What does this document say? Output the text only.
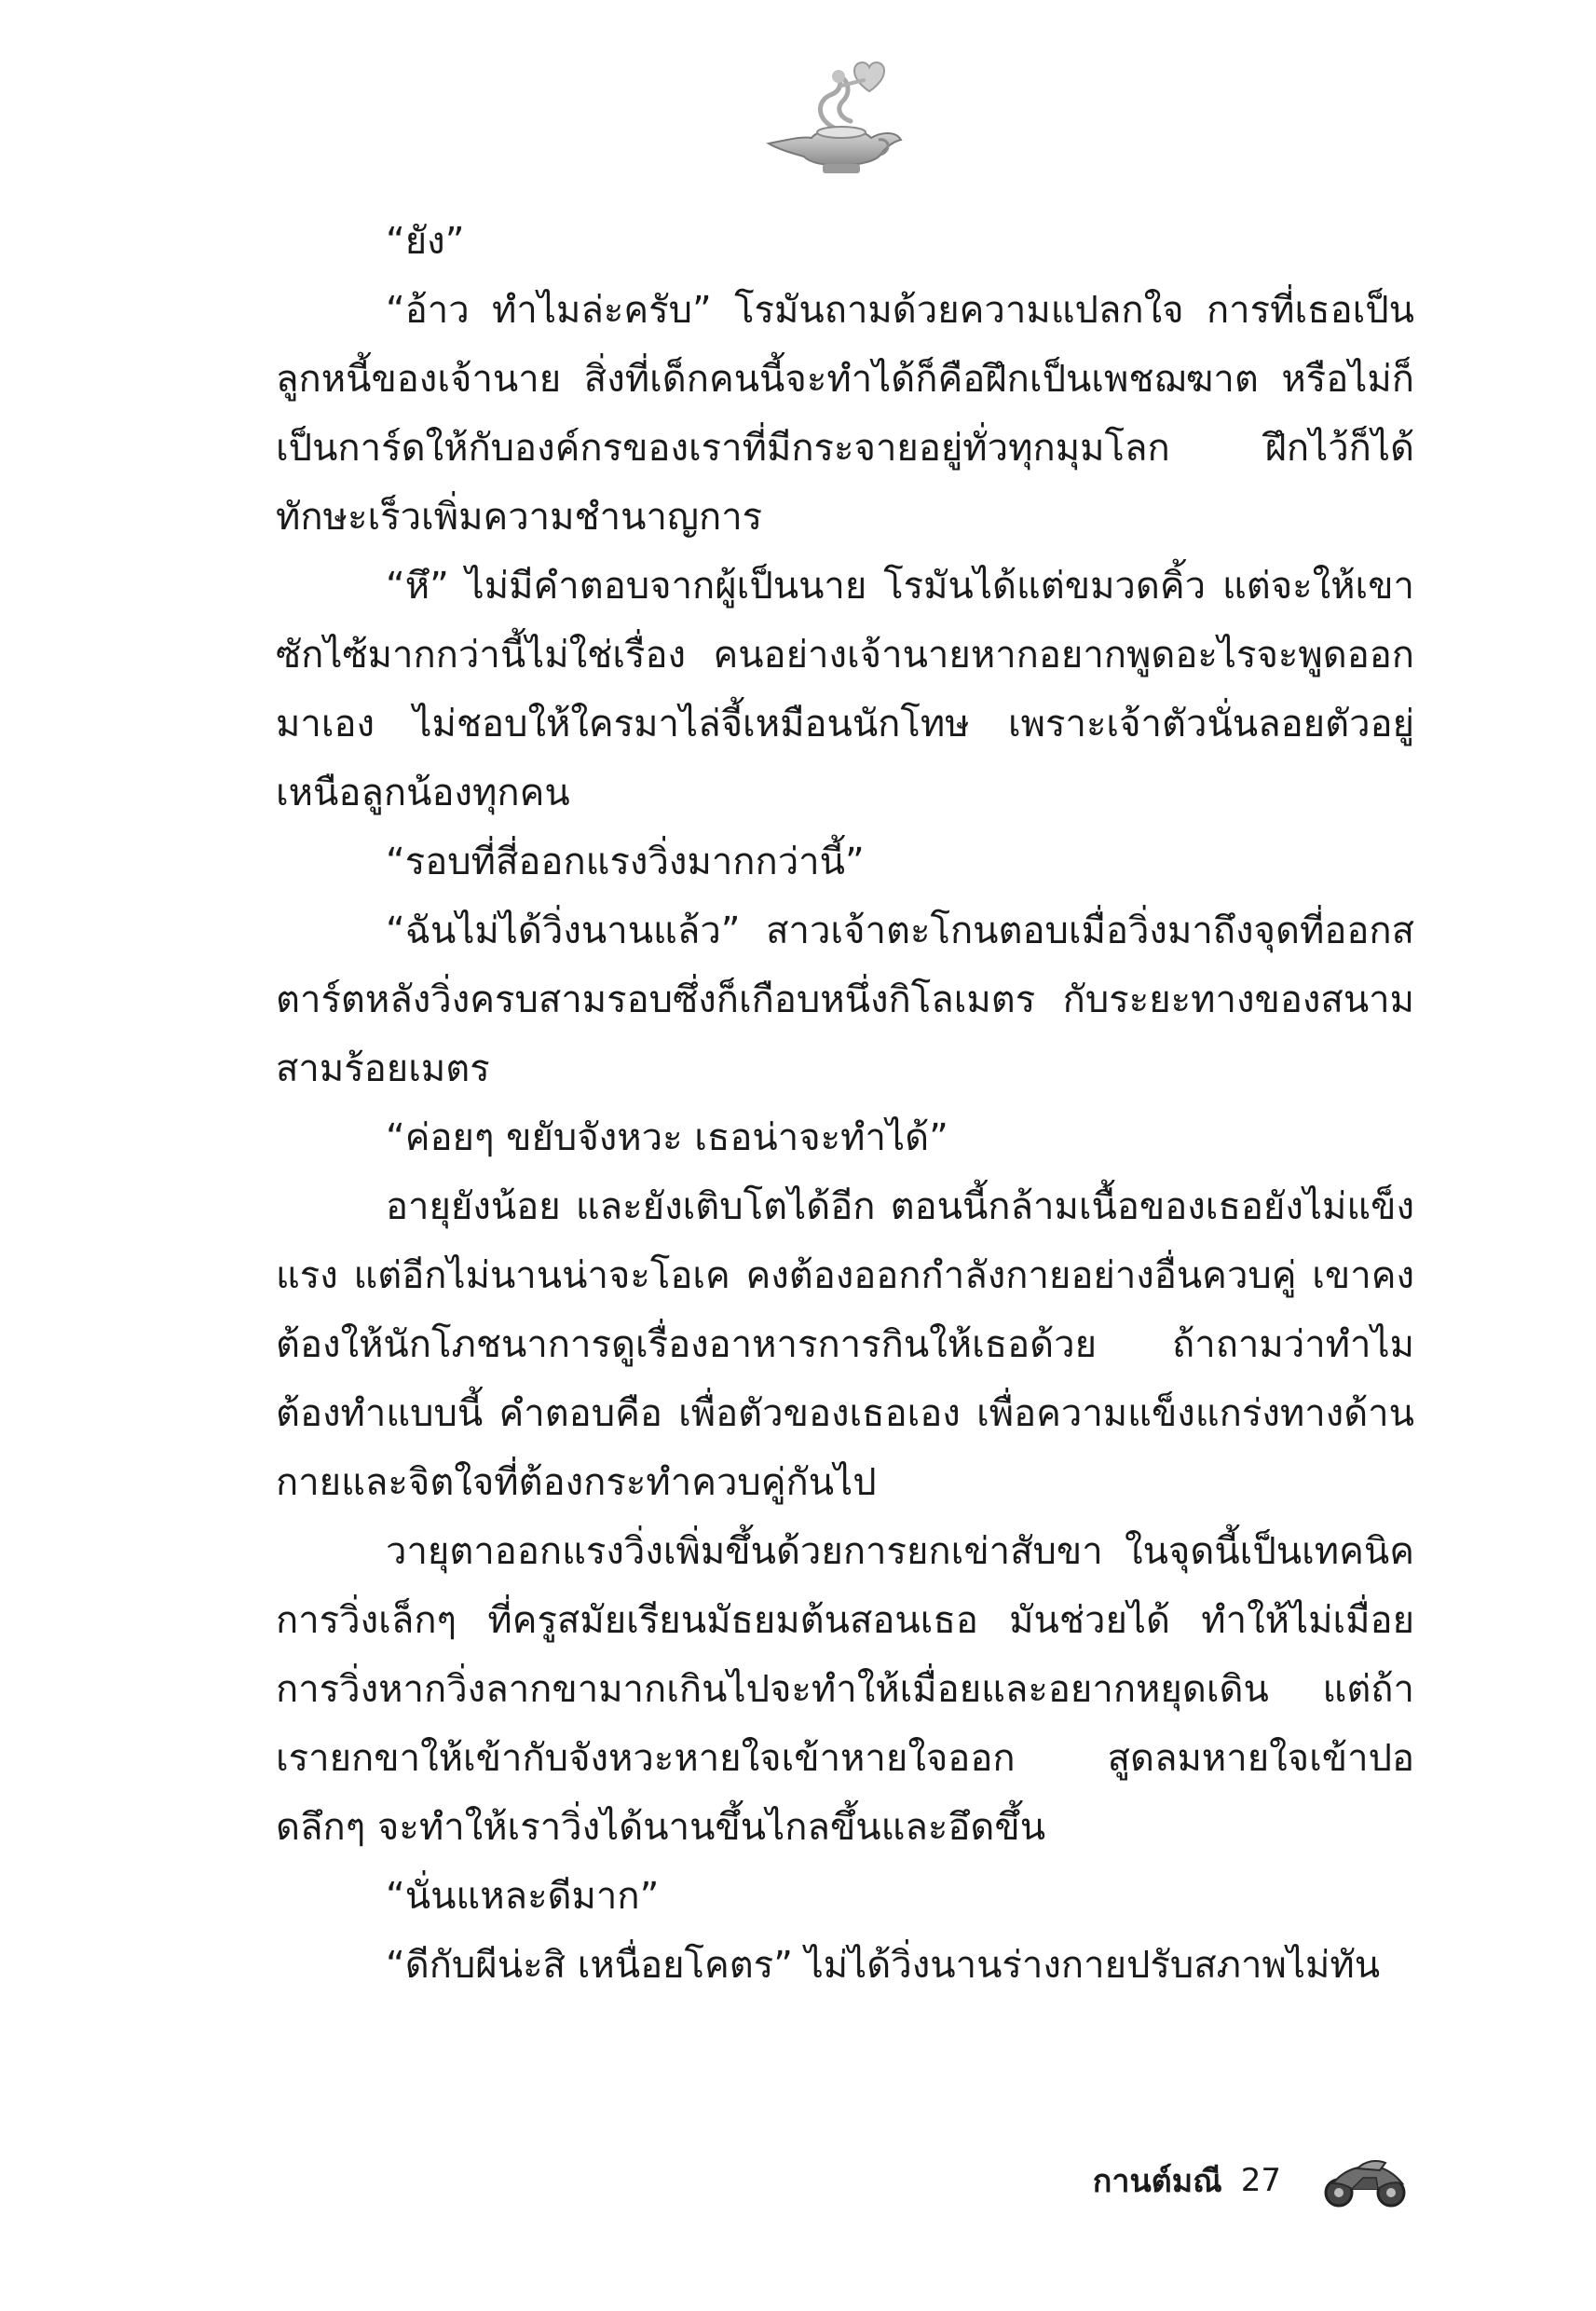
“ยัง”

“อ้าว ทำไมล่ะครับ” โรมันถามด้วยความแปลกใจ การที่เธอเป็นลูกหนี้ของเจ้านาย สิ่งที่เด็กคนนี้จะทำได้ก็คือฝึกเป็นเพชฌฆาต หรือไม่ก็เป็นการ์ดให้กับองค์กรของเราที่มีกระจายอยู่ทั่วทุกมุมโลก ฝึกไว้ก็ได้ทักษะเร็วเพิ่มความชำนาญการ

“หึ” ไม่มีคำตอบจากผู้เป็นนาย โรมันได้แต่ขมวดคิ้ว แต่จะให้เขาซักไซ้มากกว่านี้ไม่ใช่เรื่อง คนอย่างเจ้านายหากอยากพูดอะไรจะพูดออกมาเอง ไม่ชอบให้ใครมาไล่จี้เหมือนนักโทษ เพราะเจ้าตัวนั่นลอยตัวอยู่เหนือลูกน้องทุกคน

“รอบที่สี่ออกแรงวิ่งมากกว่านี้”

“ฉันไม่ได้วิ่งนานแล้ว” สาวเจ้าตะโกนตอบเมื่อวิ่งมาถึงจุดที่ออกสตาร์ตหลังวิ่งครบสามรอบซึ่งก็เกือบหนึ่งกิโลเมตร กับระยะทางของสนามสามร้อยเมตร

“ค่อยๆ ขยับจังหวะ เธอน่าจะทำได้”

อายุยังน้อย และยังเติบโตได้อีก ตอนนี้กล้ามเนื้อของเธอยังไม่แข็งแรง แต่อีกไม่นานน่าจะโอเค คงต้องออกกำลังกายอย่างอื่นควบคู่ เขาคงต้องให้นักโภชนาการดูเรื่องอาหารการกินให้เธอด้วย ถ้าถามว่าทำไมต้องทำแบบนี้ คำตอบคือ เพื่อตัวของเธอเอง เพื่อความแข็งแกร่งทางด้านกายและจิตใจที่ต้องกระทำควบคู่กันไป

วายุตาออกแรงวิ่งเพิ่มขึ้นด้วยการยกเข่าสับขา ในจุดนี้เป็นเทคนิคการวิ่งเล็กๆ ที่ครูสมัยเรียนมัธยมต้นสอนเธอ มันช่วยได้ ทำให้ไม่เมื่อย การวิ่งหากวิ่งลากขามากเกินไปจะทำให้เมื่อยและอยากหยุดเดิน แต่ถ้าเรายกขาให้เข้ากับจังหวะหายใจเข้าหายใจออก สูดลมหายใจเข้าปอดลึกๆ จะทำให้เราวิ่งได้นานขึ้นไกลขึ้นและอึดขึ้น

“นั่นแหละดีมาก”

“ดีกับผีน่ะสิ เหนื่อยโคตร” ไม่ได้วิ่งนานร่างกายปรับสภาพไม่ทัน

กานต์มณี 27
